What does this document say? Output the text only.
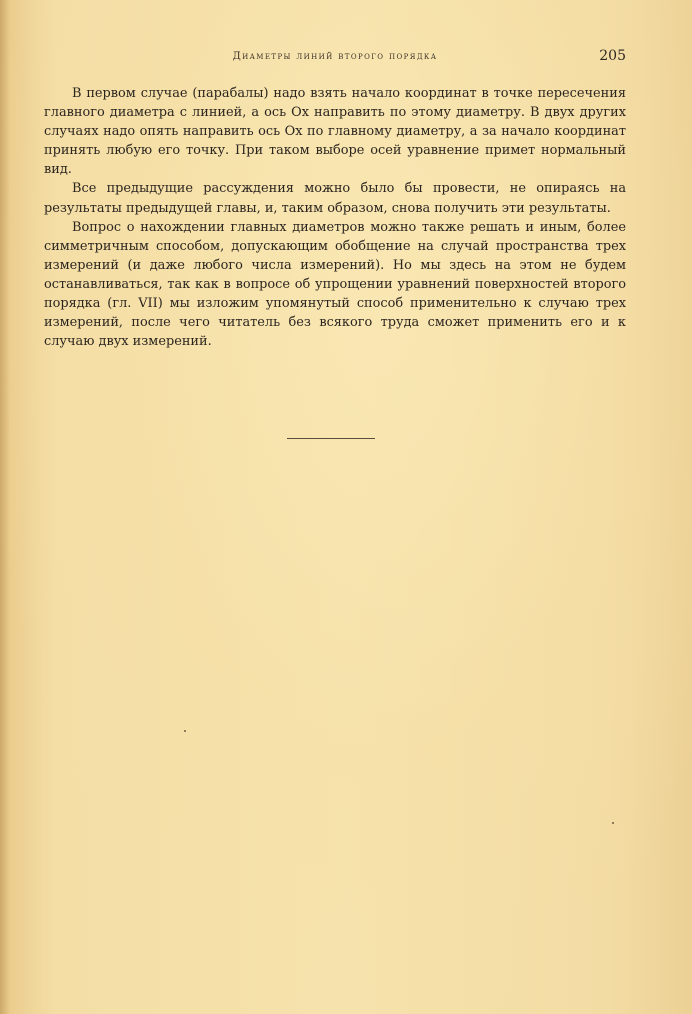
Диаметры линий второго порядка	205

В первом случае (парабалы) надо взять начало координат в точке пересечения главного диаметра с линией, а ось Ox направить по этому диаметру. В двух других случаях надо опять направить ось Ox по главному диаметру, а за начало координат принять любую его точку. При таком выборе осей уравнение примет нормальный вид.

Все предыдущие рассуждения можно было бы провести, не опираясь на результаты предыдущей главы, и, таким образом, снова получить эти результаты.

Вопрос о нахождении главных диаметров можно также решать и иным, более симметричным способом, допускающим обобщение на случай пространства трех измерений (и даже любого числа измерений). Но мы здесь на этом не будем останавливаться, так как в вопросе об упрощении уравнений поверхностей второго порядка (гл. VII) мы изложим упомянутый способ применительно к случаю трех измерений, после чего читатель без всякого труда сможет применить его и к случаю двух измерений.
